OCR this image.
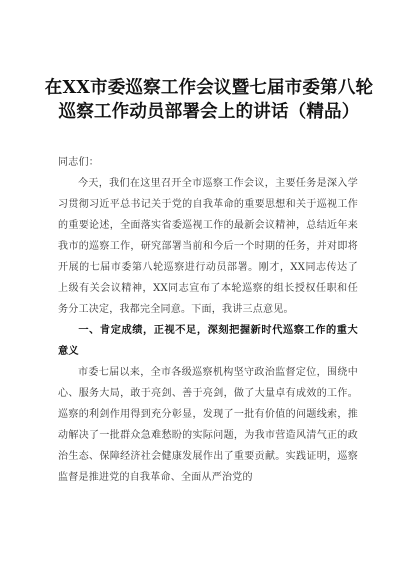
在XX市委巡察工作会议暨七届市委第八轮巡察工作动员部署会上的讲话（精品）

同志们：

今天，我们在这里召开全市巡察工作会议，主要任务是深入学习贯彻习近平总书记关于党的自我革命的重要思想和关于巡视工作的重要论述，全面落实省委巡视工作的最新会议精神，总结近年来我市的巡察工作，研究部署当前和今后一个时期的任务，并对即将开展的七届市委第八轮巡察进行动员部署。刚才，XX同志传达了上级有关会议精神，XX同志宣布了本轮巡察的组长授权任职和任务分工决定，我都完全同意。下面，我讲三点意见。

一、肯定成绩，正视不足，深刻把握新时代巡察工作的重大意义

市委七届以来，全市各级巡察机构坚守政治监督定位，围绕中心、服务大局，敢于亮剑、善于亮剑，做了大量卓有成效的工作。巡察的利剑作用得到充分彰显，发现了一批有价值的问题线索，推动解决了一批群众急难愁盼的实际问题，为我市营造风清气正的政治生态、保障经济社会健康发展作出了重要贡献。实践证明，巡察监督是推进党的自我革命、全面从严治党的
